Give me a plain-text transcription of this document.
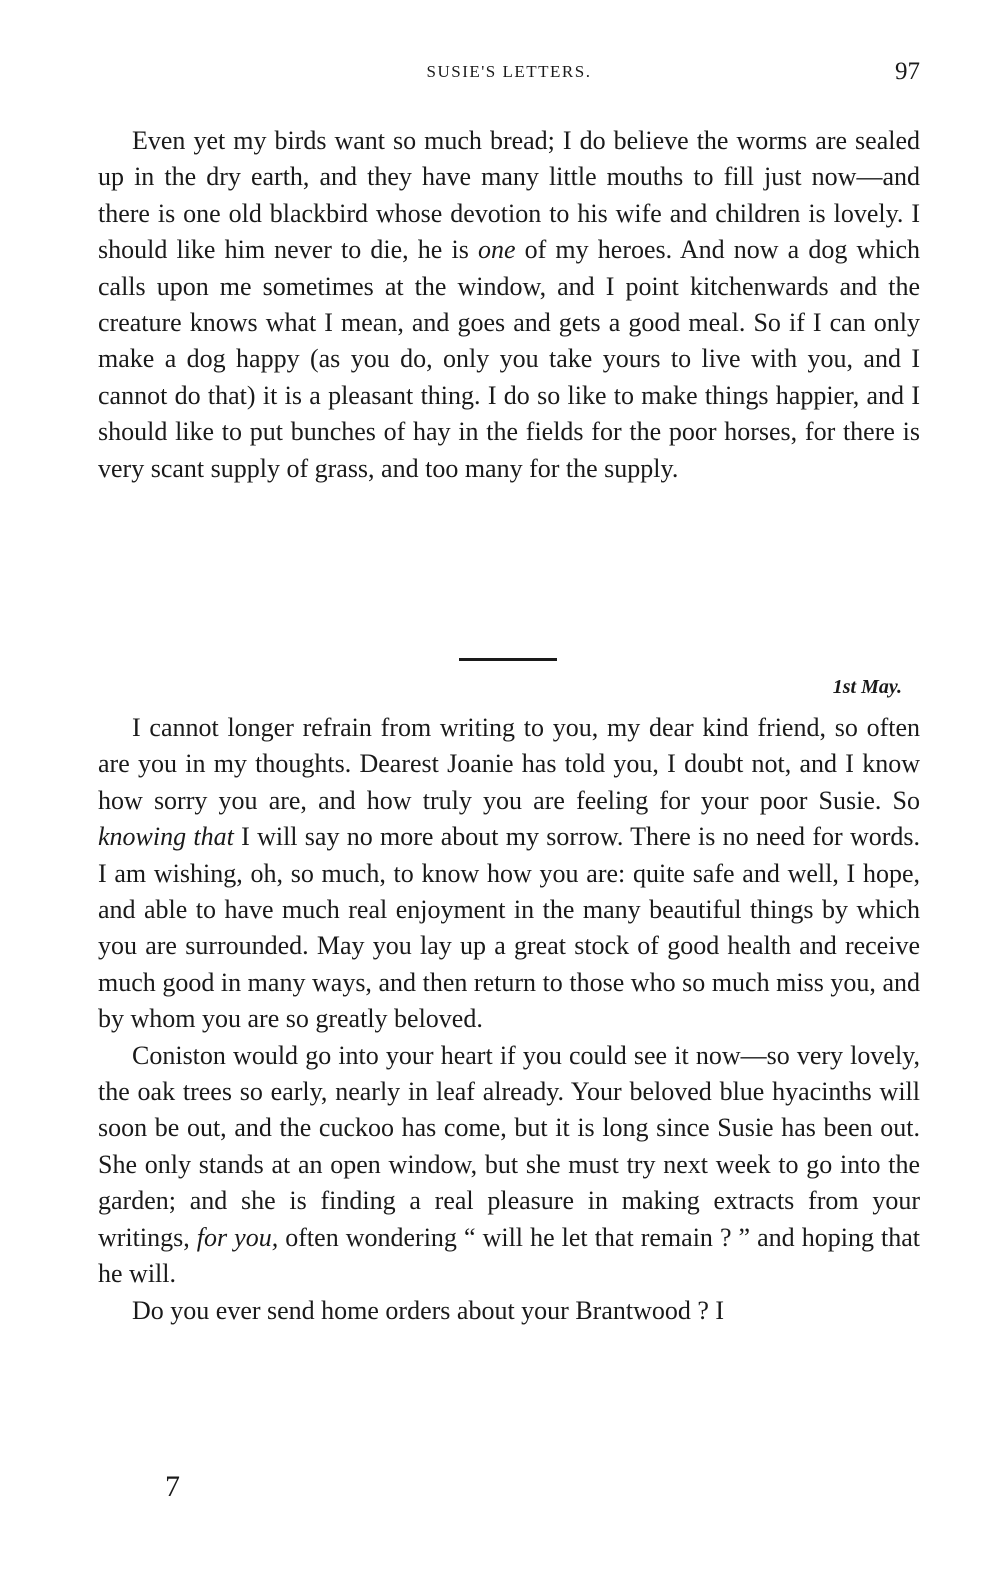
SUSIE'S LETTERS.	97

Even yet my birds want so much bread; I do believe the worms are sealed up in the dry earth, and they have many little mouths to fill just now—and there is one old blackbird whose devotion to his wife and children is lovely. I should like him never to die, he is one of my heroes. And now a dog which calls upon me sometimes at the window, and I point kitchenwards and the creature knows what I mean, and goes and gets a good meal. So if I can only make a dog happy (as you do, only you take yours to live with you, and I cannot do that) it is a pleasant thing. I do so like to make things happier, and I should like to put bunches of hay in the fields for the poor horses, for there is very scant supply of grass, and too many for the supply.

1st May.

I cannot longer refrain from writing to you, my dear kind friend, so often are you in my thoughts. Dearest Joanie has told you, I doubt not, and I know how sorry you are, and how truly you are feeling for your poor Susie. So knowing that I will say no more about my sorrow. There is no need for words. I am wishing, oh, so much, to know how you are: quite safe and well, I hope, and able to have much real enjoyment in the many beautiful things by which you are surrounded. May you lay up a great stock of good health and receive much good in many ways, and then return to those who so much miss you, and by whom you are so greatly beloved.

Coniston would go into your heart if you could see it now—so very lovely, the oak trees so early, nearly in leaf already. Your beloved blue hyacinths will soon be out, and the cuckoo has come, but it is long since Susie has been out. She only stands at an open window, but she must try next week to go into the garden; and she is finding a real pleasure in making extracts from your writings, for you, often wondering “ will he let that remain ? ” and hoping that he will.

Do you ever send home orders about your Brantwood ? I

7
